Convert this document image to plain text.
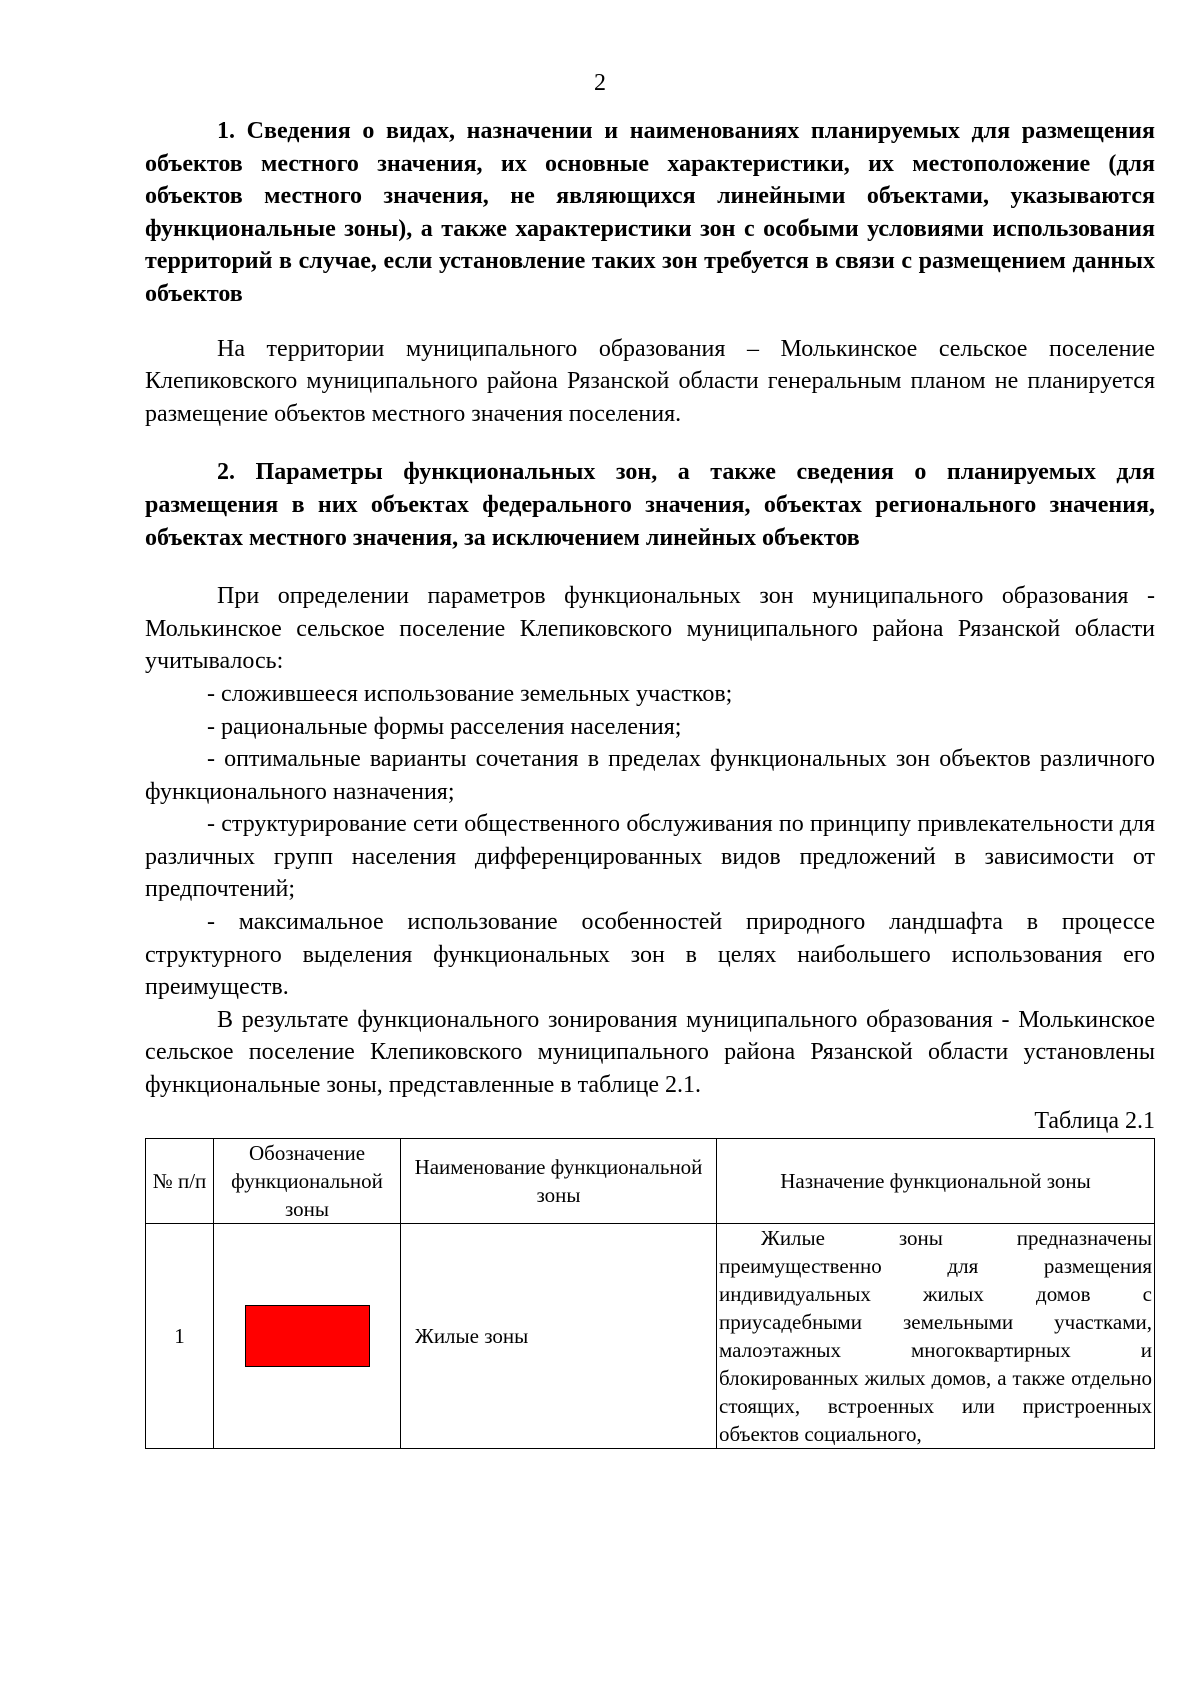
2

1. Сведения о видах, назначении и наименованиях планируемых для размещения объектов местного значения, их основные характеристики, их местоположение (для объектов местного значения, не являющихся линейными объектами, указываются функциональные зоны), а также характеристики зон с особыми условиями использования территорий в случае, если установление таких зон требуется в связи с размещением данных объектов

На территории муниципального образования – Молькинское сельское поселение Клепиковского муниципального района Рязанской области генеральным планом не планируется размещение объектов местного значения поселения.

2. Параметры функциональных зон, а также сведения о планируемых для размещения в них объектах федерального значения, объектах регионального значения, объектах местного значения, за исключением линейных объектов

При определении параметров функциональных зон муниципального образования - Молькинское сельское поселение Клепиковского муниципального района Рязанской области учитывалось:

- сложившееся использование земельных участков;

- рациональные формы расселения населения;

- оптимальные варианты сочетания в пределах функциональных зон объектов различного функционального назначения;

- структурирование сети общественного обслуживания по принципу привлекательности для различных групп населения дифференцированных видов предложений в зависимости от предпочтений;

- максимальное использование особенностей природного ландшафта в процессе структурного выделения функциональных зон в целях наибольшего использования его преимуществ.

В результате функционального зонирования муниципального образования - Молькинское сельское поселение Клепиковского муниципального района Рязанской области установлены функциональные зоны, представленные в таблице 2.1.

Таблица 2.1
№ п/п	Обозначение функциональной зоны	Наименование функциональной зоны	Назначение функциональной зоны
1		Жилые зоны	Жилые зоны предназначены преимущественно для размещения индивидуальных жилых домов с приусадебными земельными участками, малоэтажных многоквартирных и блокированных жилых домов, а также отдельно стоящих, встроенных или пристроенных объектов социального,
